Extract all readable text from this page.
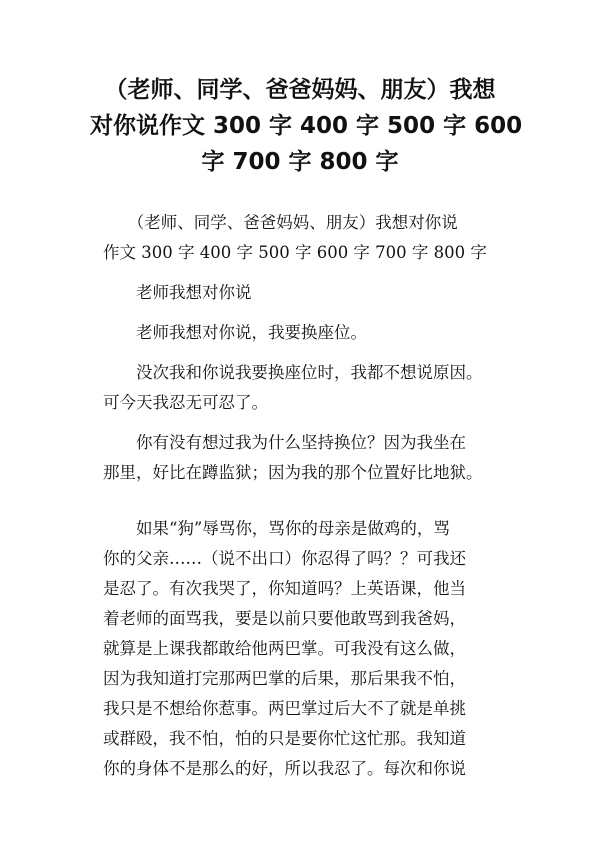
（老师、同学、爸爸妈妈、朋友）我想
对你说作文 300 字 400 字 500 字 600
字 700 字 800 字

　　（老师、同学、爸爸妈妈、朋友）我想对你说
作文 300 字 400 字 500 字 600 字 700 字 800 字

　　老师我想对你说

　　老师我想对你说，我要换座位。

　　没次我和你说我要换座位时，我都不想说原因。
可今天我忍无可忍了。

　　你有没有想过我为什么坚持换位？因为我坐在
那里，好比在蹲监狱；因为我的那个位置好比地狱。

　　如果“狗”辱骂你，骂你的母亲是做鸡的，骂
你的父亲……（说不出口）你忍得了吗？？可我还
是忍了。有次我哭了，你知道吗？上英语课，他当
着老师的面骂我，要是以前只要他敢骂到我爸妈，
就算是上课我都敢给他两巴掌。可我没有这么做，
因为我知道打完那两巴掌的后果，那后果我不怕，
我只是不想给你惹事。两巴掌过后大不了就是单挑
或群殴，我不怕，怕的只是要你忙这忙那。我知道
你的身体不是那么的好，所以我忍了。每次和你说
